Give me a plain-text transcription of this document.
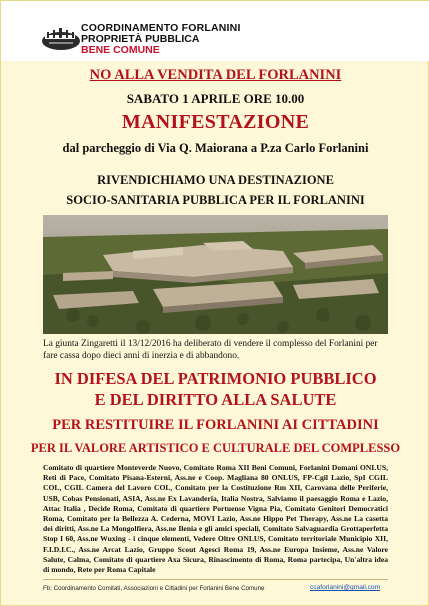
COORDINAMENTO FORLANINI
PROPRIETÀ PUBBLICA
BENE COMUNE
NO ALLA VENDITA DEL FORLANINI
SABATO 1 APRILE ORE 10.00
MANIFESTAZIONE
dal parcheggio di Via Q. Maiorana a P.za Carlo Forlanini
RIVENDICHIAMO UNA DESTINAZIONE
SOCIO-SANITARIA PUBBLICA PER IL FORLANINI
La giunta Zingaretti il 13/12/2016 ha deliberato di vendere il complesso del Forlanini per fare cassa dopo dieci anni di inerzia e di abbandono.
IN DIFESA DEL PATRIMONIO PUBBLICO
E DEL DIRITTO ALLA SALUTE
PER RESTITUIRE IL FORLANINI AI CITTADINI
PER IL VALORE ARTISTICO E CULTURALE DEL COMPLESSO
Comitato di quartiere Monteverde Nuovo, Comitato Roma XII Beni Comuni, Forlanini Domani ONLUS, Reti di Pace, Comitato Pisana-Esterni, Ass.ne e Coop. Magliana 80 ONLUS, FP-Cgil Lazio, SpI CGIL COL, CGIL Camera del Lavoro COL, Comitato per la Costituzione Rm XII, Carovana delle Periferie, USB, Cobas Pensionati, ASIA, Ass.ne Ex Lavanderia, Italia Nostra, Salviamo il paesaggio Roma e Lazio, Attac Italia , Decide Roma, Comitato di quartiere Portuense Vigna Pia, Comitato Genitori Democratici Roma, Comitato per la Bellezza A. Cederna, MOVI Lazio, Ass.ne Hippo Pet Therapy, Ass.ne La casetta dei diritti, Ass.ne La Mongolfiera, Ass.ne Ilenia e gli amici speciali, Comitato Salvaguardia Grottaperfetta Stop I 60, Ass.ne Wuxing - i cinque elementi, Vedere Oltre ONLUS, Comitato territoriale Municipio XII, F.I.D.I.C., Ass.ne Arcat Lazio, Gruppo Scout Agesci Roma 19, Ass.ne Europa Insieme, Ass.ne Valore Salute, Calma, Comitato di quartiere Axa Sicura, Rinascimento di Roma, Roma partecipa, Un'altra idea di mondo, Rete per Roma Capitale
Fb: Coordinamento Comitati, Associazioni e Cittadini per Forlanini Bene Comune	ccaforlanini@gmail.com
